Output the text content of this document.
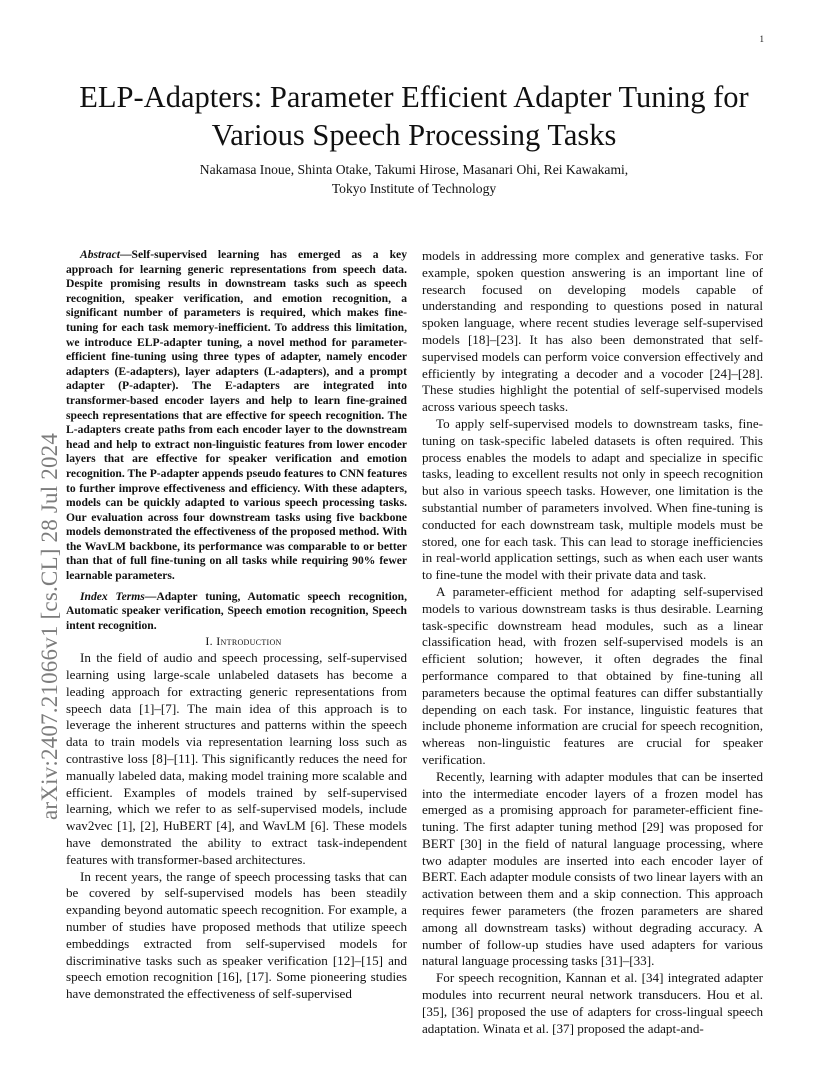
1
arXiv:2407.21066v1 [cs.CL] 28 Jul 2024
ELP-Adapters: Parameter Efficient Adapter Tuning for Various Speech Processing Tasks
Nakamasa Inoue, Shinta Otake, Takumi Hirose, Masanari Ohi, Rei Kawakami,
Tokyo Institute of Technology

Abstract—Self-supervised learning has emerged as a key approach for learning generic representations from speech data. Despite promising results in downstream tasks such as speech recognition, speaker verification, and emotion recognition, a significant number of parameters is required, which makes fine-tuning for each task memory-inefficient. To address this limitation, we introduce ELP-adapter tuning, a novel method for parameter-efficient fine-tuning using three types of adapter, namely encoder adapters (E-adapters), layer adapters (L-adapters), and a prompt adapter (P-adapter). The E-adapters are integrated into transformer-based encoder layers and help to learn fine-grained speech representations that are effective for speech recognition. The L-adapters create paths from each encoder layer to the downstream head and help to extract non-linguistic features from lower encoder layers that are effective for speaker verification and emotion recognition. The P-adapter appends pseudo features to CNN features to further improve effectiveness and efficiency. With these adapters, models can be quickly adapted to various speech processing tasks. Our evaluation across four downstream tasks using five backbone models demonstrated the effectiveness of the proposed method. With the WavLM backbone, its performance was comparable to or better than that of full fine-tuning on all tasks while requiring 90% fewer learnable parameters.

Index Terms—Adapter tuning, Automatic speech recognition, Automatic speaker verification, Speech emotion recognition, Speech intent recognition.

I. Introduction

In the field of audio and speech processing, self-supervised learning using large-scale unlabeled datasets has become a leading approach for extracting generic representations from speech data [1]–[7]. The main idea of this approach is to leverage the inherent structures and patterns within the speech data to train models via representation learning loss such as contrastive loss [8]–[11]. This significantly reduces the need for manually labeled data, making model training more scalable and efficient. Examples of models trained by self-supervised learning, which we refer to as self-supervised models, include wav2vec [1], [2], HuBERT [4], and WavLM [6]. These models have demonstrated the ability to extract task-independent features with transformer-based architectures.

In recent years, the range of speech processing tasks that can be covered by self-supervised models has been steadily expanding beyond automatic speech recognition. For example, a number of studies have proposed methods that utilize speech embeddings extracted from self-supervised models for discriminative tasks such as speaker verification [12]–[15] and speech emotion recognition [16], [17]. Some pioneering studies have demonstrated the effectiveness of self-supervised

models in addressing more complex and generative tasks. For example, spoken question answering is an important line of research focused on developing models capable of understanding and responding to questions posed in natural spoken language, where recent studies leverage self-supervised models [18]–[23]. It has also been demonstrated that self-supervised models can perform voice conversion effectively and efficiently by integrating a decoder and a vocoder [24]–[28]. These studies highlight the potential of self-supervised models across various speech tasks.

To apply self-supervised models to downstream tasks, fine-tuning on task-specific labeled datasets is often required. This process enables the models to adapt and specialize in specific tasks, leading to excellent results not only in speech recognition but also in various speech tasks. However, one limitation is the substantial number of parameters involved. When fine-tuning is conducted for each downstream task, multiple models must be stored, one for each task. This can lead to storage inefficiencies in real-world application settings, such as when each user wants to fine-tune the model with their private data and task.

A parameter-efficient method for adapting self-supervised models to various downstream tasks is thus desirable. Learning task-specific downstream head modules, such as a linear classification head, with frozen self-supervised models is an efficient solution; however, it often degrades the final performance compared to that obtained by fine-tuning all parameters because the optimal features can differ substantially depending on each task. For instance, linguistic features that include phoneme information are crucial for speech recognition, whereas non-linguistic features are crucial for speaker verification.

Recently, learning with adapter modules that can be inserted into the intermediate encoder layers of a frozen model has emerged as a promising approach for parameter-efficient fine-tuning. The first adapter tuning method [29] was proposed for BERT [30] in the field of natural language processing, where two adapter modules are inserted into each encoder layer of BERT. Each adapter module consists of two linear layers with an activation between them and a skip connection. This approach requires fewer parameters (the frozen parameters are shared among all downstream tasks) without degrading accuracy. A number of follow-up studies have used adapters for various natural language processing tasks [31]–[33].

For speech recognition, Kannan et al. [34] integrated adapter modules into recurrent neural network transducers. Hou et al. [35], [36] proposed the use of adapters for cross-lingual speech adaptation. Winata et al. [37] proposed the adapt-and-
